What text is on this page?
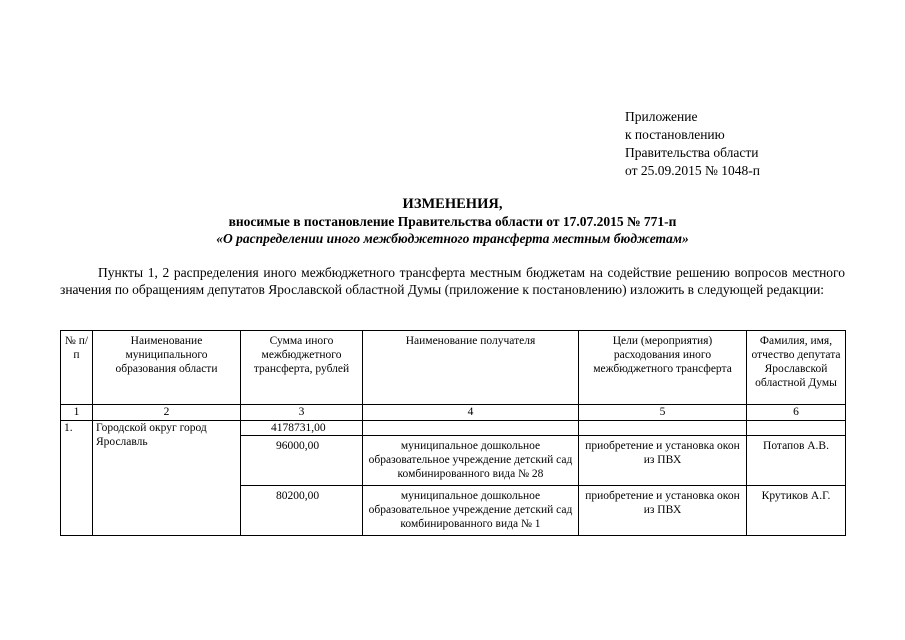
Приложение
к постановлению
Правительства области
от 25.09.2015 № 1048-п
ИЗМЕНЕНИЯ,
вносимые в постановление Правительства области от 17.07.2015 № 771-п
«О распределении иного межбюджетного трансферта местным бюджетам»
Пункты 1, 2 распределения иного межбюджетного трансферта местным бюджетам на содействие решению вопросов местного значения по обращениям депутатов Ярославской областной Думы (приложение к постановлению) изложить в следующей редакции:
№ п/п	Наименование муниципального образования области	Сумма иного межбюджетного трансферта, рублей	Наименование получателя	Цели (мероприятия) расходования иного межбюджетного трансферта	Фамилия, имя, отчество депутата Ярославской областной Думы
1	2	3	4	5	6
1.	Городской округ город Ярославль	4178731,00			
		96000,00	муниципальное дошкольное образовательное учреждение детский сад комбинированного вида № 28	приобретение и установка окон из ПВХ	Потапов А.В.
		80200,00	муниципальное дошкольное образовательное учреждение детский сад комбинированного вида № 1	приобретение и установка окон из ПВХ	Крутиков А.Г.
